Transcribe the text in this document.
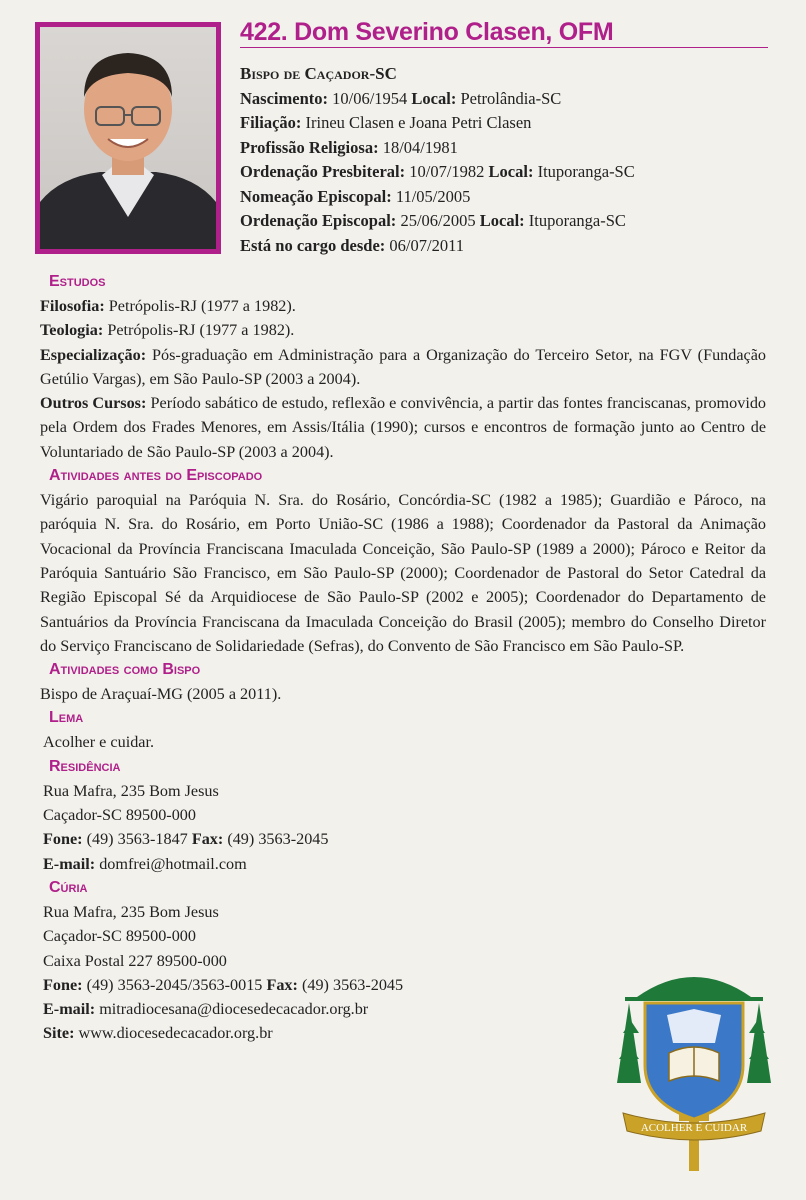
422. Dom Severino Clasen, OFM
Bispo de Caçador-SC
Nascimento: 10/06/1954 Local: Petrolândia-SC
Filiação: Irineu Clasen e Joana Petri Clasen
Profissão Religiosa: 18/04/1981
Ordenação Presbiteral: 10/07/1982 Local: Ituporanga-SC
Nomeação Episcopal: 11/05/2005
Ordenação Episcopal: 25/06/2005 Local: Ituporanga-SC
Está no cargo desde: 06/07/2011
Estudos
Filosofia: Petrópolis-RJ (1977 a 1982).
Teologia: Petrópolis-RJ (1977 a 1982).
Especialização: Pós-graduação em Administração para a Organização do Terceiro Setor, na FGV (Fundação Getúlio Vargas), em São Paulo-SP (2003 a 2004).
Outros Cursos: Período sabático de estudo, reflexão e convivência, a partir das fontes franciscanas, promovido pela Ordem dos Frades Menores, em Assis/Itália (1990); cursos e encontros de formação junto ao Centro de Voluntariado de São Paulo-SP (2003 a 2004).
Atividades antes do Episcopado
Vigário paroquial na Paróquia N. Sra. do Rosário, Concórdia-SC (1982 a 1985); Guardião e Pároco, na paróquia N. Sra. do Rosário, em Porto União-SC (1986 a 1988); Coordenador da Pastoral da Animação Vocacional da Província Franciscana Imaculada Conceição, São Paulo-SP (1989 a 2000); Pároco e Reitor da Paróquia Santuário São Francisco, em São Paulo-SP (2000); Coordenador de Pastoral do Setor Catedral da Região Episcopal Sé da Arquidiocese de São Paulo-SP (2002 e 2005); Coordenador do Departamento de Santuários da Província Franciscana da Imaculada Conceição do Brasil (2005); membro do Conselho Diretor do Serviço Franciscano de Solidariedade (Sefras), do Convento de São Francisco em São Paulo-SP.
Atividades como Bispo
Bispo de Araçuaí-MG (2005 a 2011).
Lema
Acolher e cuidar.
Residência
Rua Mafra, 235 Bom Jesus
Caçador-SC 89500-000
Fone: (49) 3563-1847 Fax: (49) 3563-2045
E-mail: domfrei@hotmail.com
Cúria
Rua Mafra, 235 Bom Jesus
Caçador-SC 89500-000
Caixa Postal 227 89500-000
Fone: (49) 3563-2045/3563-0015 Fax: (49) 3563-2045
E-mail: mitradiocesana@diocesedecacador.org.br
Site: www.diocesedecacador.org.br
ACOLHER E CUIDAR
